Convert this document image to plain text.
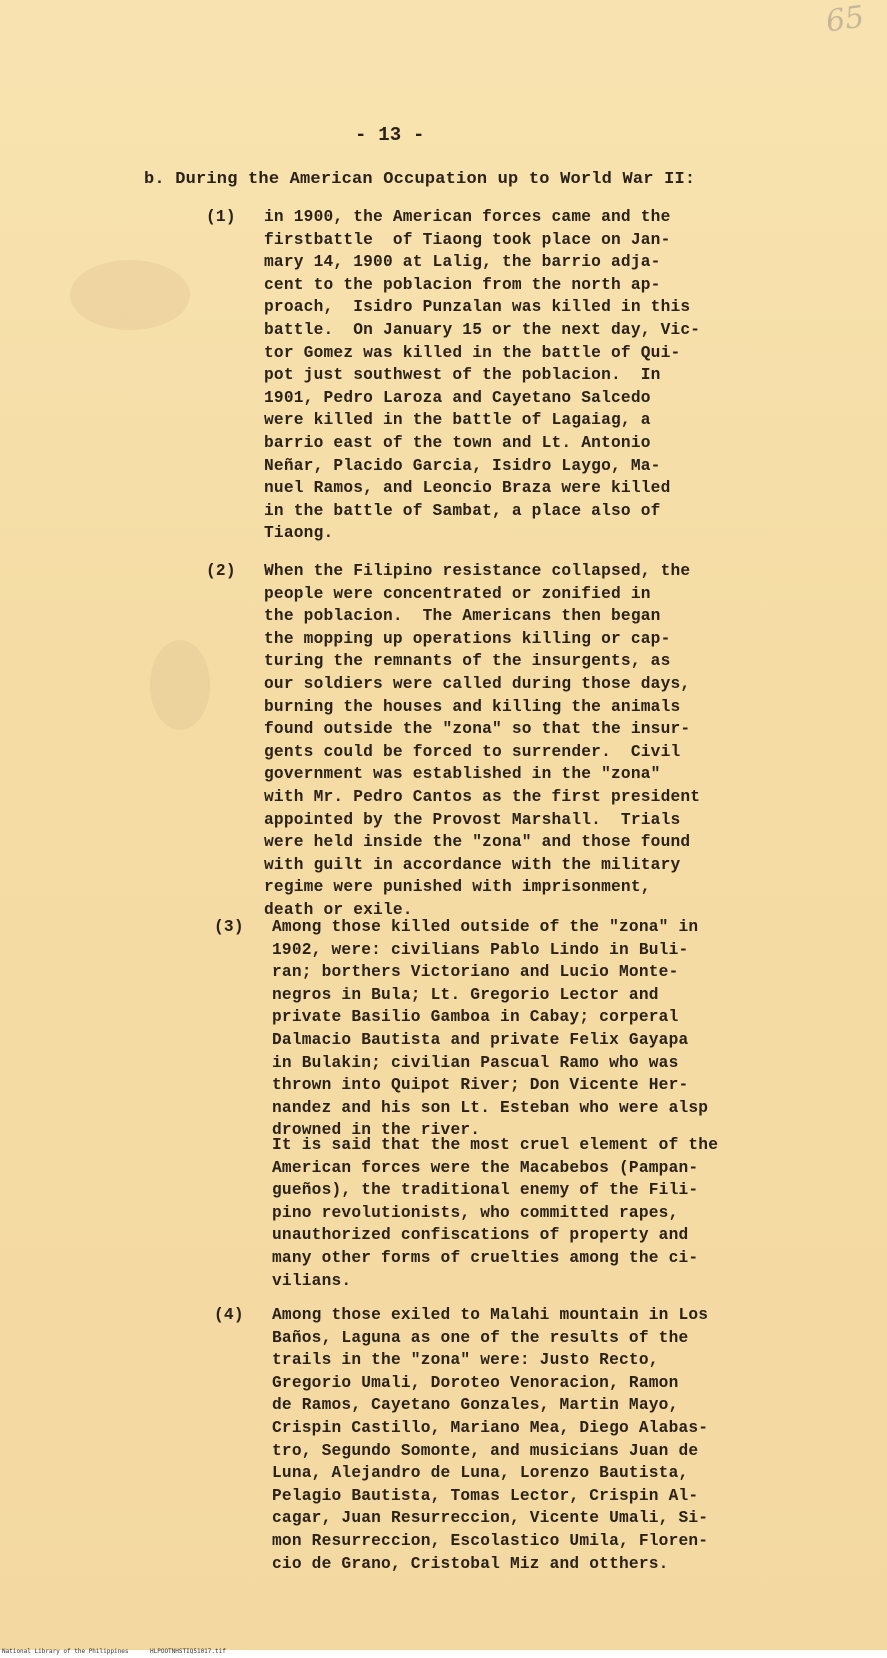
65
- 13 -
b. During the American Occupation up to World War II:
(1) in 1900, the American forces came and the
firstbattle  of Tiaong took place on Jan-
mary 14, 1900 at Lalig, the barrio adja-
cent to the poblacion from the north ap-
proach,  Isidro Punzalan was killed in this
battle.  On January 15 or the next day, Vic-
tor Gomez was killed in the battle of Qui-
pot just southwest of the poblacion.  In
1901, Pedro Laroza and Cayetano Salcedo
were killed in the battle of Lagaiag, a
barrio east of the town and Lt. Antonio
Neñar, Placido Garcia, Isidro Laygo, Ma-
nuel Ramos, and Leoncio Braza were killed
in the battle of Sambat, a place also of
Tiaong.
(2) When the Filipino resistance collapsed, the
people were concentrated or zonified in
the poblacion.  The Americans then began
the mopping up operations killing or cap-
turing the remnants of the insurgents, as
our soldiers were called during those days,
burning the houses and killing the animals
found outside the "zona" so that the insur-
gents could be forced to surrender.  Civil
government was established in the "zona"
with Mr. Pedro Cantos as the first president
appointed by the Provost Marshall.  Trials
were held inside the "zona" and those found
with guilt in accordance with the military
regime were punished with imprisonment,
death or exile.
(3) Among those killed outside of the "zona" in
1902, were: civilians Pablo Lindo in Buli-
ran; borthers Victoriano and Lucio Monte-
negros in Bula; Lt. Gregorio Lector and
private Basilio Gamboa in Cabay; corperal
Dalmacio Bautista and private Felix Gayapa
in Bulakin; civilian Pascual Ramo who was
thrown into Quipot River; Don Vicente Her-
nandez and his son Lt. Esteban who were alsp
drowned in the river.
It is said that the most cruel element of the
American forces were the Macabebos (Pampan-
gueños), the traditional enemy of the Fili-
pino revolutionists, who committed rapes,
unauthorized confiscations of property and
many other forms of cruelties among the ci-
vilians.
(4) Among those exiled to Malahi mountain in Los
Baños, Laguna as one of the results of the
trails in the "zona" were: Justo Recto,
Gregorio Umali, Doroteo Venoracion, Ramon
de Ramos, Cayetano Gonzales, Martin Mayo,
Crispin Castillo, Mariano Mea, Diego Alabas-
tro, Segundo Somonte, and musicians Juan de
Luna, Alejandro de Luna, Lorenzo Bautista,
Pelagio Bautista, Tomas Lector, Crispin Al-
cagar, Juan Resurreccion, Vicente Umali, Si-
mon Resurreccion, Escolastico Umila, Floren-
cio de Grano, Cristobal Miz and otthers.
National Library of the Philippines	HLPOOTNHSTIQ51017.tif
